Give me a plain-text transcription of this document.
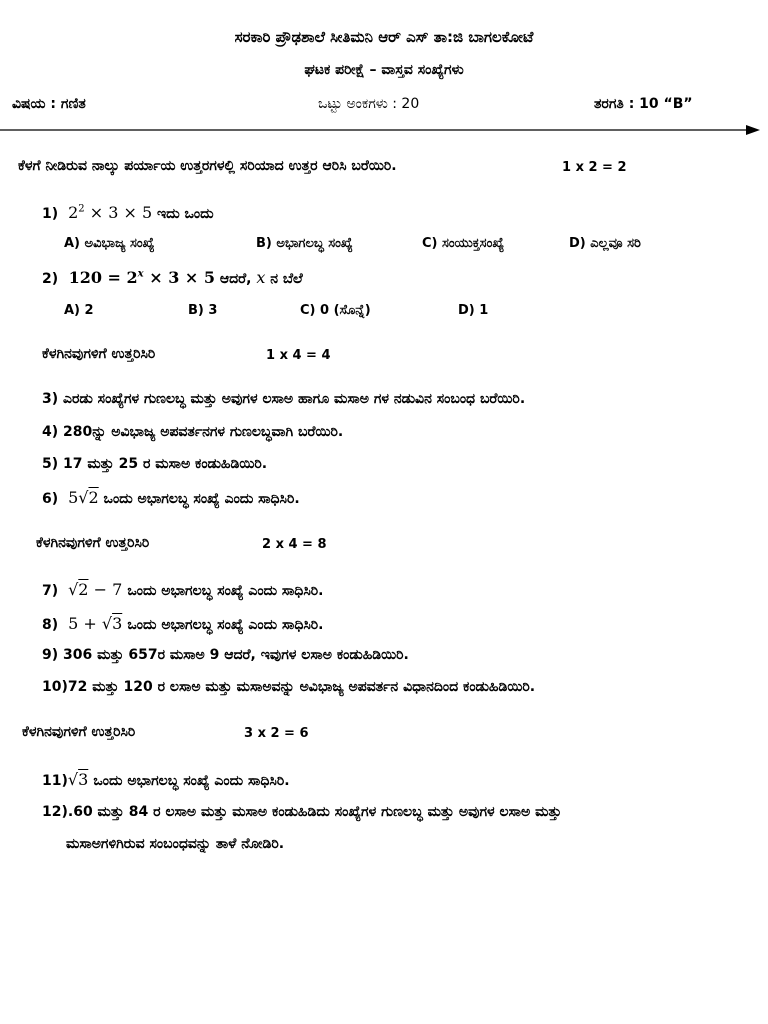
ಸರಕಾರಿ ಪ್ರೌಢಶಾಲೆ ಸೀತಿಮನಿ ಆರ್ ಎಸ್ ತಾ:ಜಿ ಬಾಗಲಕೋಟೆ
ಘಟಕ ಪರೀಕ್ಷೆ – ವಾಸ್ತವ ಸಂಖ್ಯೆಗಳು
ವಿಷಯ : ಗಣಿತ	ಒಟ್ಟು ಅಂಕಗಳು : 20	ತರಗತಿ : 10 “B”
ಕೆಳಗೆ ನೀಡಿರುವ ನಾಲ್ಕು ಪರ್ಯಾಯ ಉತ್ತರಗಳಲ್ಲಿ ಸರಿಯಾದ ಉತ್ತರ ಆರಿಸಿ ಬರೆಯಿರಿ.	1 x 2 = 2
1)  $2^2 \times 3 \times 5$ ಇದು ಒಂದು
A) ಅವಿಭಾಜ್ಯ ಸಂಖ್ಯೆ	B) ಅಭಾಗಲಬ್ಧ ಸಂಖ್ಯೆ	C) ಸಂಯುಕ್ತಸಂಖ್ಯೆ	D) ಎಲ್ಲವೂ ಸರಿ
2)  $120 = 2^x \times 3 \times 5$ ಆದರೆ, x ನ ಬೆಲೆ
A) 2	B) 3	C) 0 (ಸೊನ್ನೆ)	D) 1
ಕೆಳಗಿನವುಗಳಿಗೆ ಉತ್ತರಿಸಿರಿ	1 x 4 = 4
3) ಎರಡು ಸಂಖ್ಯೆಗಳ ಗುಣಲಬ್ಧ ಮತ್ತು ಅವುಗಳ ಲಸಾಅ ಹಾಗೂ ಮಸಾಅ ಗಳ ನಡುವಿನ ಸಂಬಂಧ ಬರೆಯಿರಿ.
4) 280ನ್ನು ಅವಿಭಾಜ್ಯ ಅಪವರ್ತನಗಳ ಗುಣಲಬ್ಧವಾಗಿ ಬರೆಯಿರಿ.
5) 17 ಮತ್ತು 25 ರ ಮಸಾಅ ಕಂಡುಹಿಡಿಯಿರಿ.
6)  5√2 ಒಂದು ಅಭಾಗಲಬ್ಧ ಸಂಖ್ಯೆ ಎಂದು ಸಾಧಿಸಿರಿ.
ಕೆಳಗಿನವುಗಳಿಗೆ ಉತ್ತರಿಸಿರಿ	2 x 4 = 8
7)  √2 − 7 ಒಂದು ಅಭಾಗಲಬ್ಧ ಸಂಖ್ಯೆ ಎಂದು ಸಾಧಿಸಿರಿ.
8)  5 + √3 ಒಂದು ಅಭಾಗಲಬ್ಧ ಸಂಖ್ಯೆ ಎಂದು ಸಾಧಿಸಿರಿ.
9) 306 ಮತ್ತು 657ರ ಮಸಾಅ 9 ಆದರೆ, ಇವುಗಳ ಲಸಾಅ ಕಂಡುಹಿಡಿಯಿರಿ.
10)72 ಮತ್ತು 120 ರ ಲಸಾಅ ಮತ್ತು ಮಸಾಅವನ್ನು ಅವಿಭಾಜ್ಯ ಅಪವರ್ತನ ವಿಧಾನದಿಂದ ಕಂಡುಹಿಡಿಯಿರಿ.
ಕೆಳಗಿನವುಗಳಿಗೆ ಉತ್ತರಿಸಿರಿ	3 x 2 = 6
11)√3 ಒಂದು ಅಭಾಗಲಬ್ಧ ಸಂಖ್ಯೆ ಎಂದು ಸಾಧಿಸಿರಿ.
12).60 ಮತ್ತು 84 ರ ಲಸಾಅ ಮತ್ತು ಮಸಾಅ ಕಂಡುಹಿಡಿದು ಸಂಖ್ಯೆಗಳ ಗುಣಲಬ್ಧ ಮತ್ತು ಅವುಗಳ ಲಸಾಅ ಮತ್ತು
ಮಸಾಅಗಳಿಗಿರುವ ಸಂಬಂಧವನ್ನು ತಾಳೆ ನೋಡಿರಿ.
